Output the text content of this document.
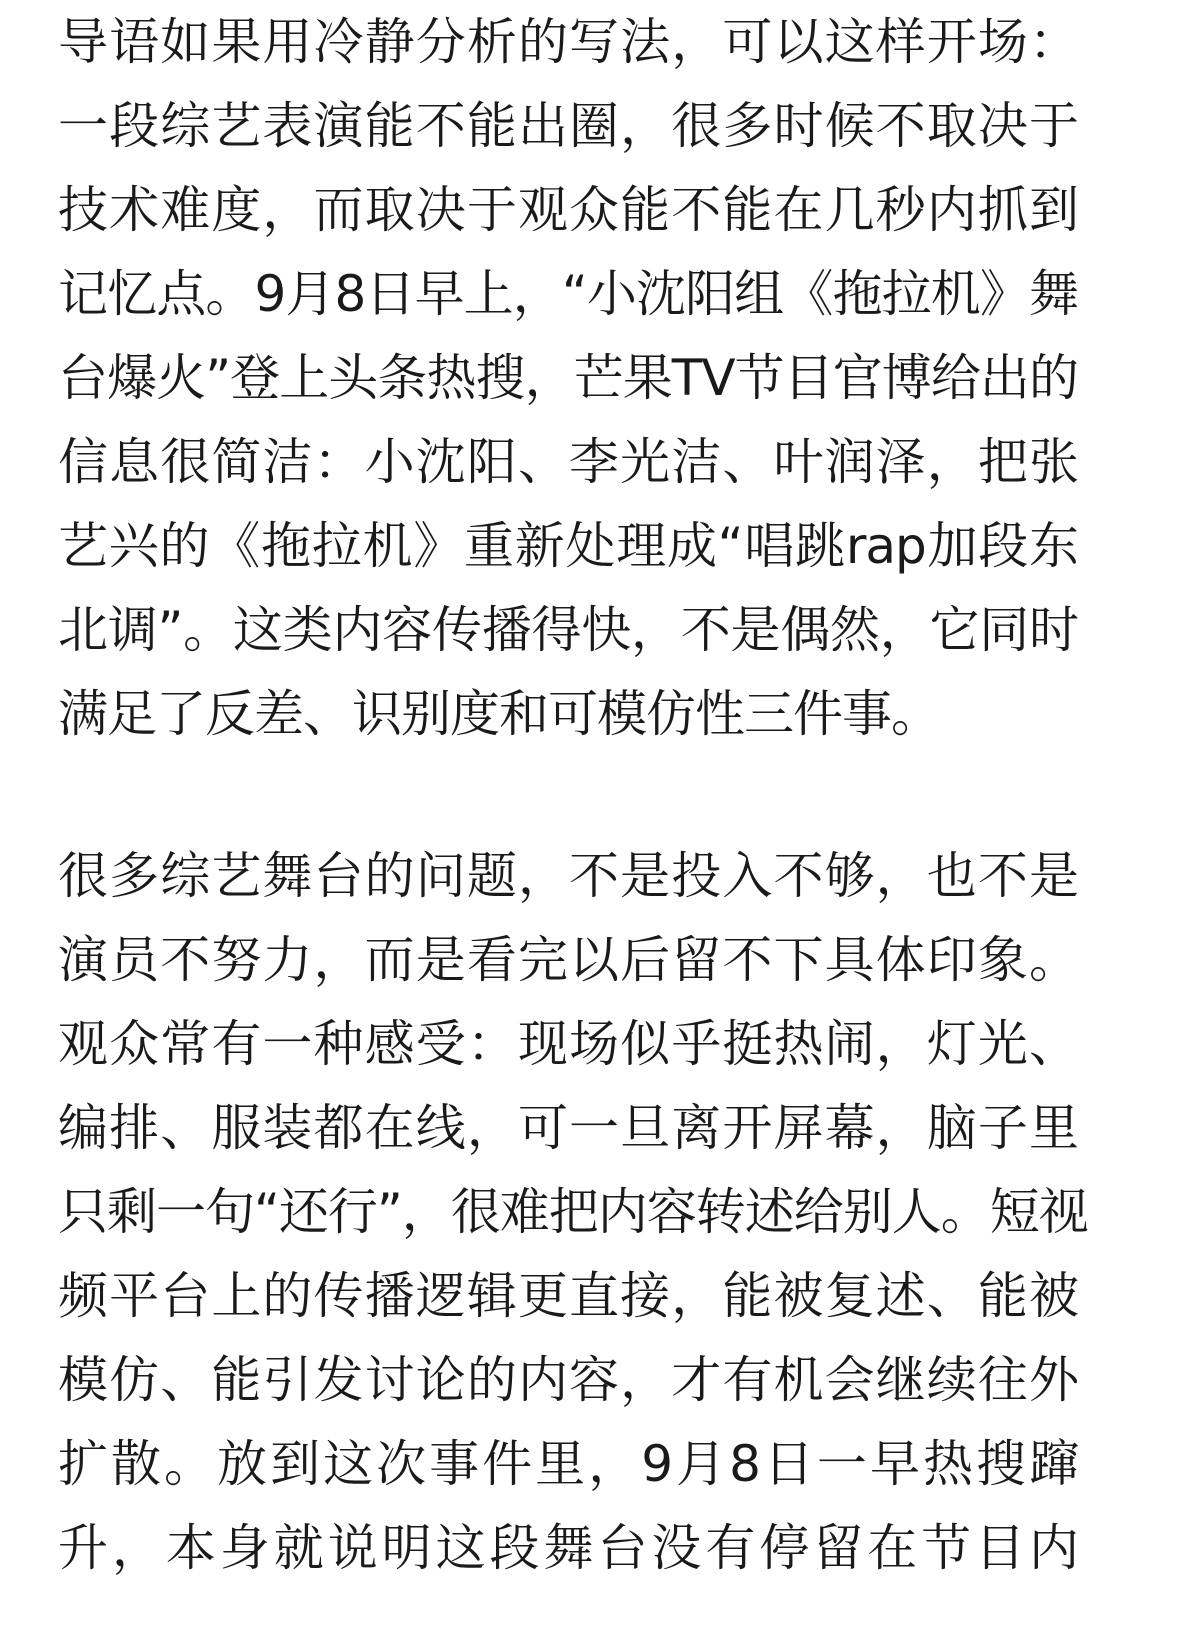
导语如果用冷静分析的写法，可以这样开场：
一段综艺表演能不能出圈，很多时候不取决于
技术难度，而取决于观众能不能在几秒内抓到
记忆点。9月8日早上，“小沈阳组《拖拉机》舞
台爆火”登上头条热搜，芒果TV节目官博给出的
信息很简洁：小沈阳、李光洁、叶润泽，把张
艺兴的《拖拉机》重新处理成“唱跳rap加段东
北调”。这类内容传播得快，不是偶然，它同时
满足了反差、识别度和可模仿性三件事。
很多综艺舞台的问题，不是投入不够，也不是
演员不努力，而是看完以后留不下具体印象。
观众常有一种感受：现场似乎挺热闹，灯光、
编排、服装都在线，可一旦离开屏幕，脑子里
只剩一句“还行”，很难把内容转述给别人。短视
频平台上的传播逻辑更直接，能被复述、能被
模仿、能引发讨论的内容，才有机会继续往外
扩散。放到这次事件里，9月8日一早热搜蹿
升，本身就说明这段舞台没有停留在节目内
